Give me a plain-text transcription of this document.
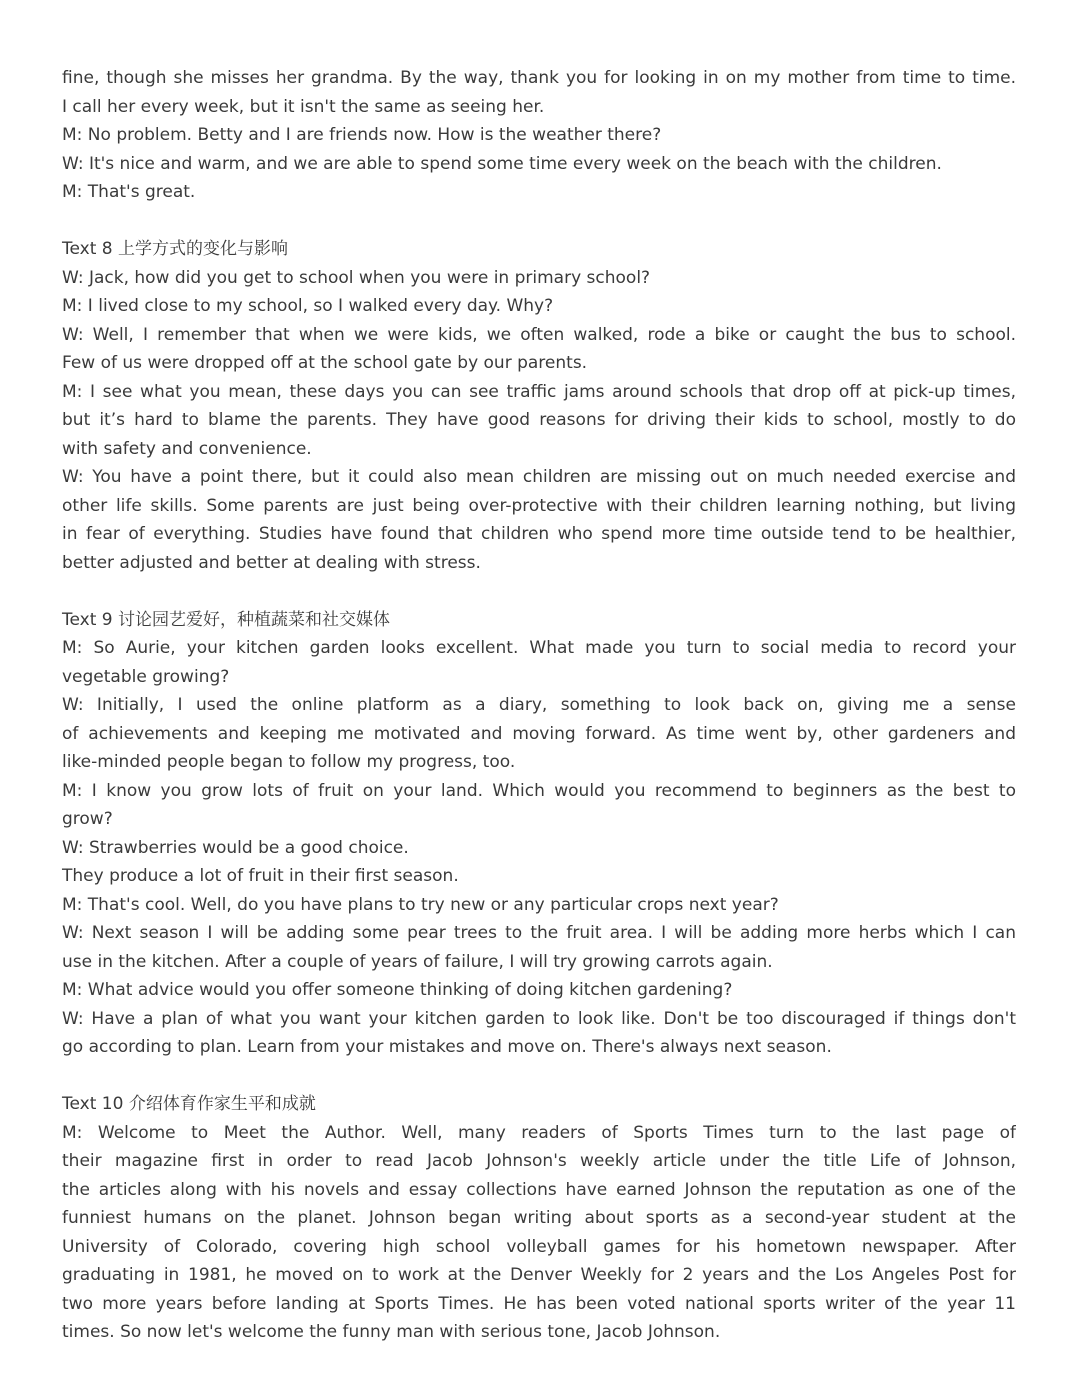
fine, though she misses her grandma. By the way, thank you for looking in on my mother from time to time.
I call her every week, but it isn't the same as seeing her.
M: No problem. Betty and I are friends now. How is the weather there?
W: It's nice and warm, and we are able to spend some time every week on the beach with the children.
M: That's great.
Text 8 上学方式的变化与影响
W: Jack, how did you get to school when you were in primary school?
M: I lived close to my school, so I walked every day. Why?
W: Well, I remember that when we were kids, we often walked, rode a bike or caught the bus to school.
Few of us were dropped off at the school gate by our parents.
M: I see what you mean, these days you can see traffic jams around schools that drop off at pick-up times,
but it’s hard to blame the parents. They have good reasons for driving their kids to school, mostly to do
with safety and convenience.
W: You have a point there, but it could also mean children are missing out on much needed exercise and
other life skills. Some parents are just being over-protective with their children learning nothing, but living
in fear of everything. Studies have found that children who spend more time outside tend to be healthier,
better adjusted and better at dealing with stress.
Text 9 讨论园艺爱好，种植蔬菜和社交媒体
M: So Aurie, your kitchen garden looks excellent. What made you turn to social media to record your
vegetable growing?
W: Initially, I used the online platform as a diary, something to look back on, giving me a sense
of achievements and keeping me motivated and moving forward. As time went by, other gardeners and
like-minded people began to follow my progress, too.
M: I know you grow lots of fruit on your land. Which would you recommend to beginners as the best to
grow?
W: Strawberries would be a good choice.
They produce a lot of fruit in their first season.
M: That's cool. Well, do you have plans to try new or any particular crops next year?
W: Next season I will be adding some pear trees to the fruit area. I will be adding more herbs which I can
use in the kitchen. After a couple of years of failure, I will try growing carrots again.
M: What advice would you offer someone thinking of doing kitchen gardening?
W: Have a plan of what you want your kitchen garden to look like. Don't be too discouraged if things don't
go according to plan. Learn from your mistakes and move on. There's always next season.
Text 10 介绍体育作家生平和成就
M: Welcome to Meet the Author. Well, many readers of Sports Times turn to the last page of
their magazine first in order to read Jacob Johnson's weekly article under the title Life of Johnson,
the articles along with his novels and essay collections have earned Johnson the reputation as one of the
funniest humans on the planet. Johnson began writing about sports as a second-year student at the
University of Colorado, covering high school volleyball games for his hometown newspaper. After
graduating in 1981, he moved on to work at the Denver Weekly for 2 years and the Los Angeles Post for
two more years before landing at Sports Times. He has been voted national sports writer of the year 11
times. So now let's welcome the funny man with serious tone, Jacob Johnson.
